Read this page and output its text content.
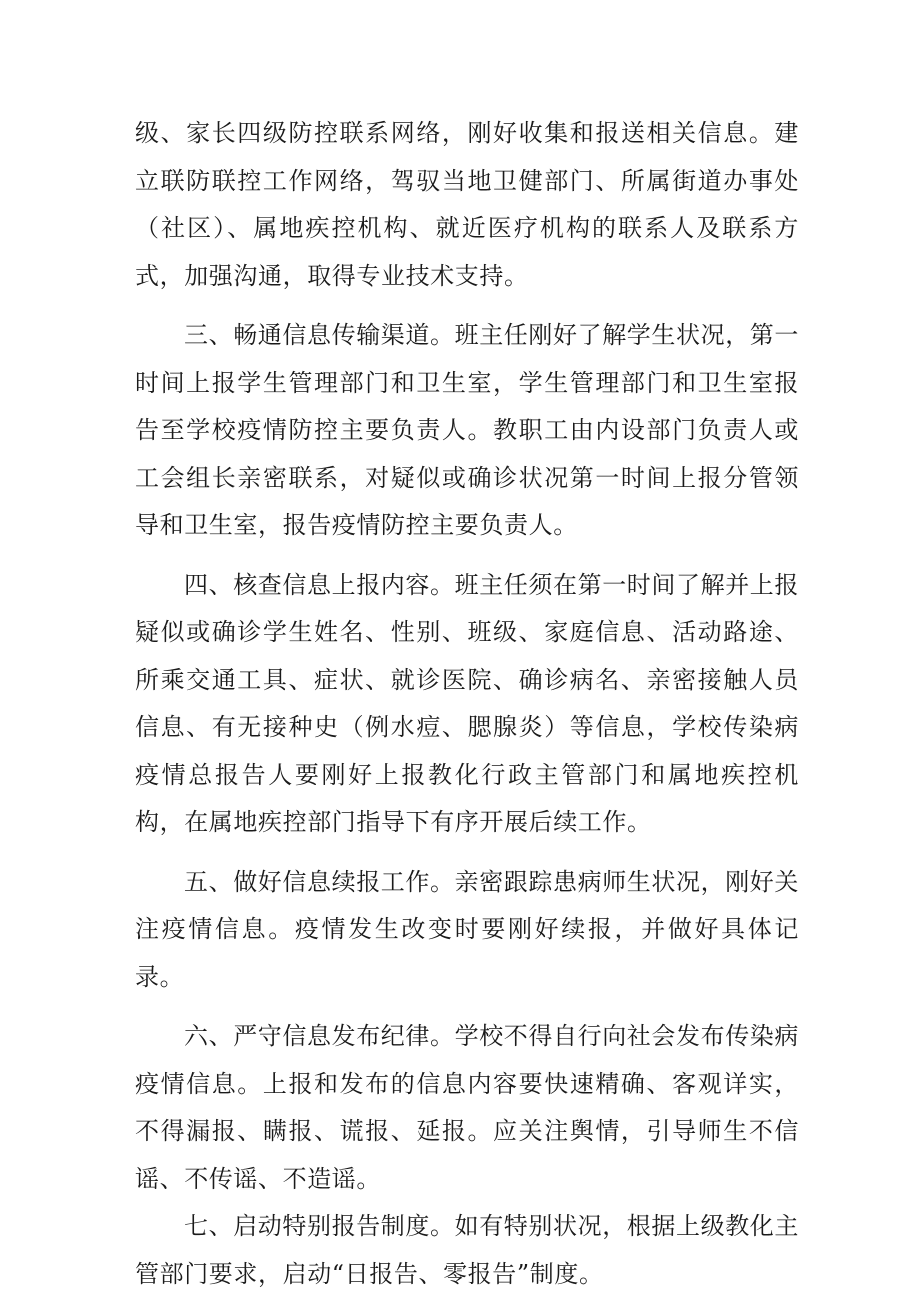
级、家长四级防控联系网络，刚好收集和报送相关信息。建立联防联控工作网络，驾驭当地卫健部门、所属街道办事处（社区）、属地疾控机构、就近医疗机构的联系人及联系方式，加强沟通，取得专业技术支持。

三、畅通信息传输渠道。班主任刚好了解学生状况，第一时间上报学生管理部门和卫生室，学生管理部门和卫生室报告至学校疫情防控主要负责人。教职工由内设部门负责人或工会组长亲密联系，对疑似或确诊状况第一时间上报分管领导和卫生室，报告疫情防控主要负责人。

四、核查信息上报内容。班主任须在第一时间了解并上报疑似或确诊学生姓名、性别、班级、家庭信息、活动路途、所乘交通工具、症状、就诊医院、确诊病名、亲密接触人员信息、有无接种史（例水痘、腮腺炎）等信息，学校传染病疫情总报告人要刚好上报教化行政主管部门和属地疾控机构，在属地疾控部门指导下有序开展后续工作。

五、做好信息续报工作。亲密跟踪患病师生状况，刚好关注疫情信息。疫情发生改变时要刚好续报，并做好具体记录。

六、严守信息发布纪律。学校不得自行向社会发布传染病疫情信息。上报和发布的信息内容要快速精确、客观详实，不得漏报、瞒报、谎报、延报。应关注舆情，引导师生不信谣、不传谣、不造谣。

七、启动特别报告制度。如有特别状况，根据上级教化主管部门要求，启动“日报告、零报告”制度。
